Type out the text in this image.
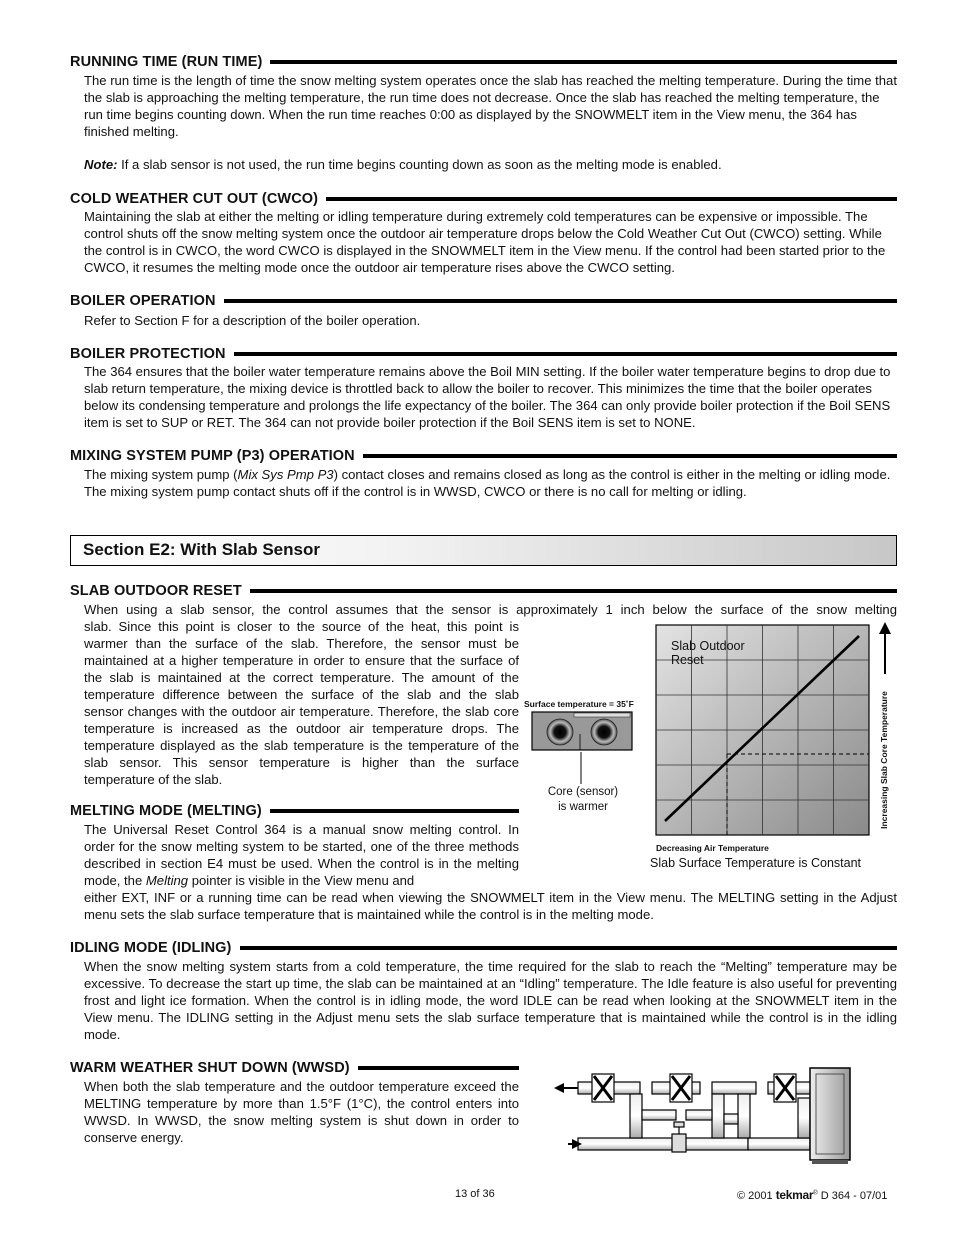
RUNNING TIME (RUN TIME)

The run time is the length of time the snow melting system operates once the slab has reached the melting temperature. During the time that the slab is approaching the melting temperature, the run time does not decrease. Once the slab has reached the melting temperature, the run time begins counting down. When the run time reaches 0:00 as displayed by the SNOWMELT item in the View menu, the 364 has finished melting.

Note: If a slab sensor is not used, the run time begins counting down as soon as the melting mode is enabled.

COLD WEATHER CUT OUT (CWCO)

Maintaining the slab at either the melting or idling temperature during extremely cold temperatures can be expensive or impossible. The control shuts off the snow melting system once the outdoor air temperature drops below the Cold Weather Cut Out (CWCO) setting. While the control is in CWCO, the word CWCO is displayed in the SNOWMELT item in the View menu. If the control had been started prior to the CWCO, it resumes the melting mode once the outdoor air temperature rises above the CWCO setting.

BOILER OPERATION

Refer to Section F for a description of the boiler operation.

BOILER PROTECTION

The 364 ensures that the boiler water temperature remains above the Boil MIN setting. If the boiler water temperature begins to drop due to slab return temperature, the mixing device is throttled back to allow the boiler to recover. This minimizes the time that the boiler operates below its condensing temperature and prolongs the life expectancy of the boiler. The 364 can only provide boiler protection if the Boil SENS item is set to SUP or RET. The 364 can not provide boiler protection if the Boil SENS item is set to NONE.

MIXING SYSTEM PUMP (P3) OPERATION

The mixing system pump (Mix Sys Pmp P3) contact closes and remains closed as long as the control is either in the melting or idling mode. The mixing system pump contact shuts off if the control is in WWSD, CWCO or there is no call for melting or idling.

Section E2: With Slab Sensor
SLAB OUTDOOR RESET

When using a slab sensor, the control assumes that the sensor is approximately 1 inch below the surface of the snow melting

slab. Since this point is closer to the source of the heat, this point is warmer than the surface of the slab. Therefore, the sensor must be maintained at a higher temperature in order to ensure that the surface of the slab is maintained at the correct temperature. The amount of the temperature difference between the surface of the slab and the slab sensor changes with the outdoor air temperature. Therefore, the slab core temperature is increased as the outdoor air temperature drops. The temperature displayed as the slab temperature is the temperature of the slab sensor. This sensor temperature is higher than the surface temperature of the slab.

MELTING MODE (MELTING)

The Universal Reset Control 364 is a manual snow melting control. In order for the snow melting system to be started, one of the three methods described in section E4 must be used. When the control is in the melting mode, the Melting pointer is visible in the View menu and

either EXT, INF or a running time can be read when viewing the SNOWMELT item in the View menu. The MELTING setting in the Adjust menu sets the slab surface temperature that is maintained while the control is in the melting mode.

IDLING MODE (IDLING)

When the snow melting system starts from a cold temperature, the time required for the slab to reach the “Melting” temperature may be excessive. To decrease the start up time, the slab can be maintained at an “Idling” temperature. The Idle feature is also useful for preventing frost and light ice formation. When the control is in idling mode, the word IDLE can be read when looking at the SNOWMELT item in the View menu. The IDLING setting in the Adjust menu sets the slab surface temperature that is maintained while the control is in the idling mode.

WARM WEATHER SHUT DOWN (WWSD)

When both the slab temperature and the outdoor temperature exceed the MELTING temperature by more than 1.5°F (1°C), the control enters into WWSD. In WWSD, the snow melting system is shut down in order to conserve energy.

Surface temperature = 35˚F
Core (sensor)
is warmer
Slab Outdoor
Reset
Increasing Slab Core Temperature
Decreasing Air Temperature
Slab Surface Temperature is Constant
13 of 36	© 2001 tekmar® D 364 - 07/01
